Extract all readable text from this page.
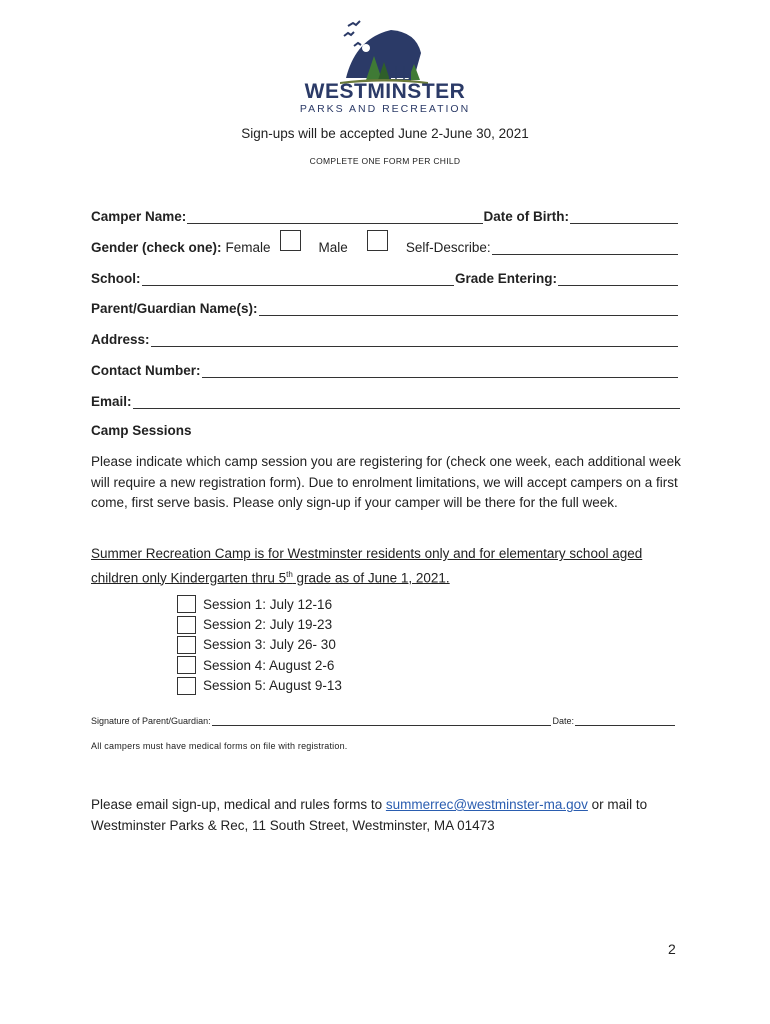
WESTMINSTER
PARKS AND RECREATION
Sign-ups will be accepted June 2-June 30, 2021
COMPLETE ONE FORM PER CHILD
Camper Name:	Date of Birth:
Gender (check one): Female	Male	Self-Describe:
School:	Grade Entering:
Parent/Guardian Name(s):
Address:
Contact Number:
Email:
Camp Sessions
Please indicate which camp session you are registering for (check one week, each additional week will require a new registration form). Due to enrolment limitations, we will accept campers on a first come, first serve basis. Please only sign-up if your camper will be there for the full week.
Summer Recreation Camp is for Westminster residents only and for elementary school aged children only Kindergarten thru 5th grade as of June 1, 2021.
Session 1: July 12-16
Session 2: July 19-23
Session 3: July 26- 30
Session 4: August 2-6
Session 5: August 9-13
Signature of Parent/Guardian:	Date:
All campers must have medical forms on file with registration.
Please email sign-up, medical and rules forms to summerrec@westminster-ma.gov or mail to
Westminster Parks & Rec, 11 South Street, Westminster, MA 01473
2
